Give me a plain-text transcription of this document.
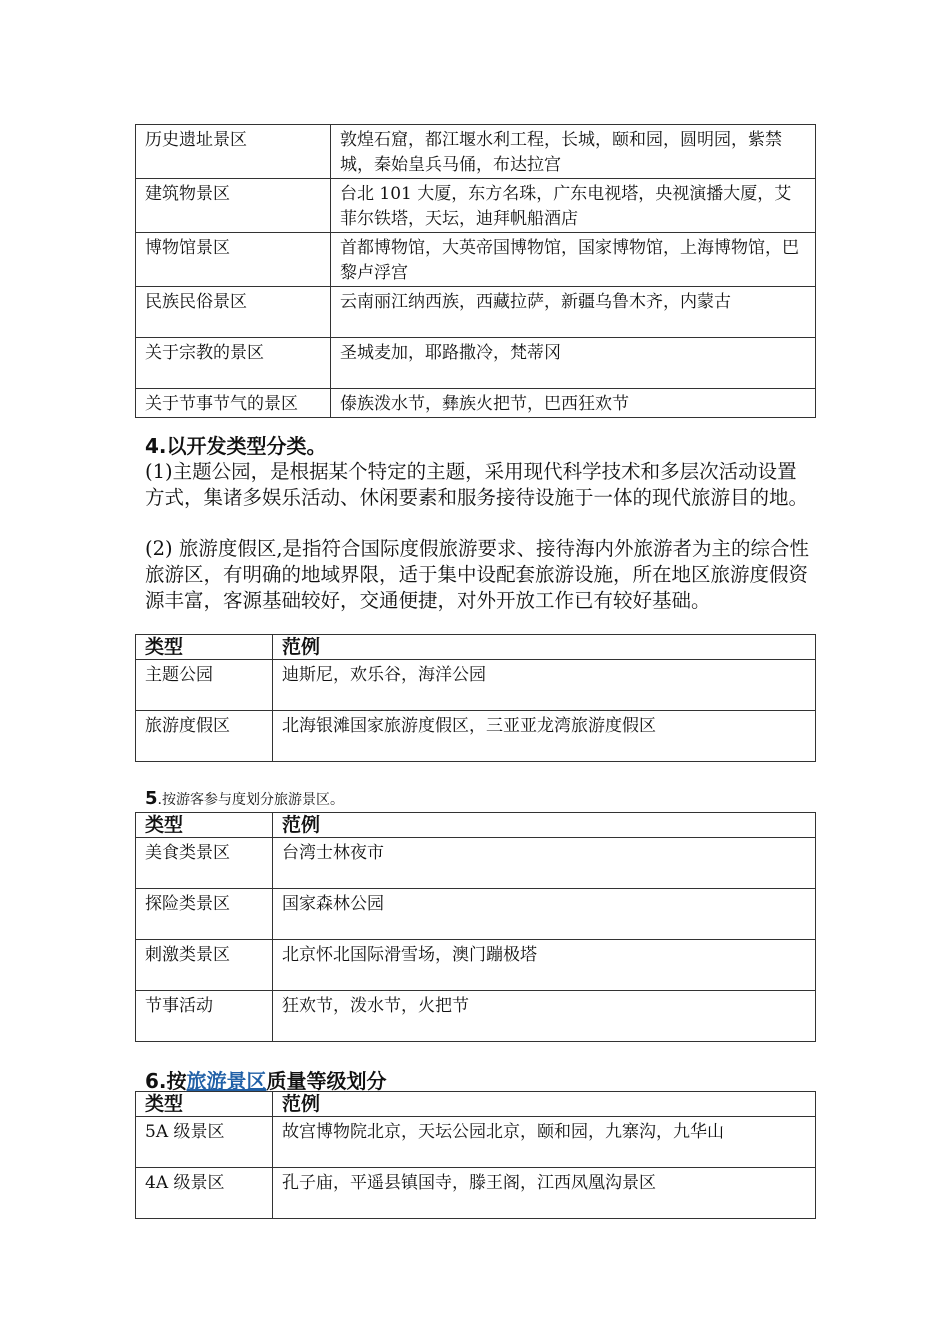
历史遗址景区	敦煌石窟，都江堰水利工程，长城，颐和园，圆明园，紫禁城，秦始皇兵马俑，布达拉宫
建筑物景区	台北 101 大厦，东方名珠，广东电视塔，央视演播大厦，艾菲尔铁塔，天坛，迪拜帆船酒店
博物馆景区	首都博物馆，大英帝国博物馆，国家博物馆，上海博物馆，巴黎卢浮宫
民族民俗景区	云南丽江纳西族，西藏拉萨，新疆乌鲁木齐，内蒙古
关于宗教的景区	圣城麦加，耶路撒冷，梵蒂冈
关于节事节气的景区	傣族泼水节，彝族火把节，巴西狂欢节
4.以开发类型分类。
(1)主题公园，是根据某个特定的主题，采用现代科学技术和多层次活动设置方式，集诸多娱乐活动、休闲要素和服务接待设施于一体的现代旅游目的地。
(2) 旅游度假区,是指符合国际度假旅游要求、接待海内外旅游者为主的综合性旅游区，有明确的地域界限，适于集中设配套旅游设施，所在地区旅游度假资源丰富，客源基础较好，交通便捷，对外开放工作已有较好基础。
类型	范例
主题公园	迪斯尼，欢乐谷，海洋公园
旅游度假区	北海银滩国家旅游度假区，三亚亚龙湾旅游度假区
5.按游客参与度划分旅游景区。
类型	范例
美食类景区	台湾士林夜市
探险类景区	国家森林公园
刺激类景区	北京怀北国际滑雪场，澳门蹦极塔
节事活动	狂欢节，泼水节，火把节
6.按旅游景区质量等级划分
类型	范例
5A 级景区	故宫博物院北京，天坛公园北京，颐和园，九寨沟，九华山
4A 级景区	孔子庙，平遥县镇国寺，滕王阁，江西凤凰沟景区
